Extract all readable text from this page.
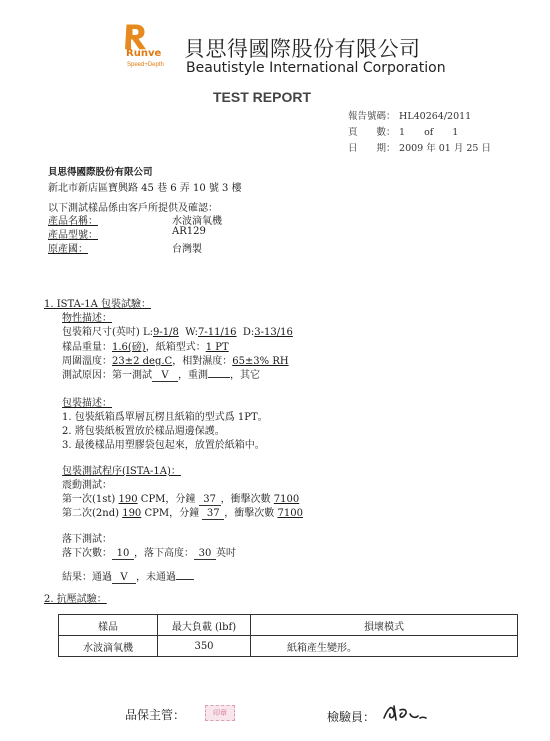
Runve
Speed+Depth
貝思得國際股份有限公司
Beautistyle International Corporation
TEST REPORT
報告號碼： HL40264/2011
頁　　數： 1　　of　　1
日　　期： 2009 年 01 月 25 日
貝思得國際股份有限公司
新北市新店區寶興路 45 巷 6 弄 10 號 3 樓
以下測試樣品係由客戶所提供及確認：
產品名稱：	水波滴氧機
產品型號：	AR129
原產國：	台灣製
1. ISTA-1A 包裝試驗：
物性描述：
包裝箱尺寸(英吋) L:9-1/8 W:7-11/16 D:3-13/16
樣品重量：1.6(磅)，紙箱型式：1 PT
周圍溫度：23±2 deg.C，相對濕度：65±3% RH
測試原因：第一測試 V ，重測 ，其它
包裝描述：
1. 包裝紙箱爲單層瓦楞且紙箱的型式爲 1PT。
2. 將包裝紙板置放於樣品週邊保護。
3. 最後樣品用塑膠袋包起來，放置於紙箱中。
包裝測試程序(ISTA-1A)：
震動測試：
第一次(1st) 190 CPM，分鐘 37 ，衝擊次數 7100
第二次(2nd) 190 CPM，分鐘 37 ，衝擊次數 7100
落下測試：
落下次數： 10 ，落下高度： 30 英吋
結果：通過 V ，未通過
2. 抗壓試驗：
樣品	最大負載 (lbf)	損壞模式
水波滴氧機	350	紙箱產生變形。
品保主管：	印章	檢驗員：
